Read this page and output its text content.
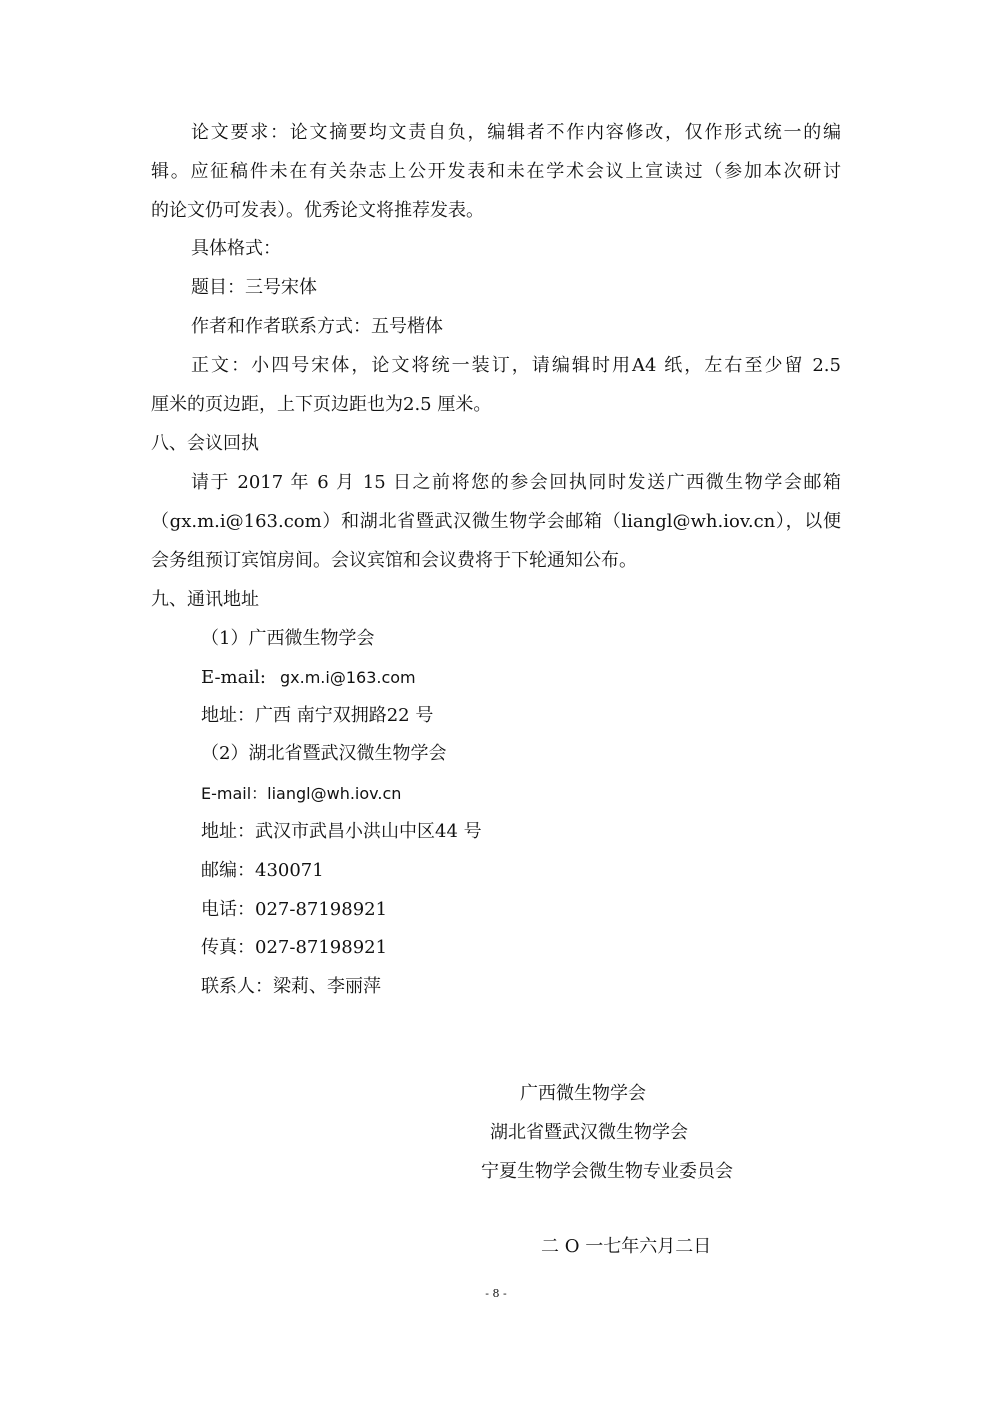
论文要求：论文摘要均文责自负，编辑者不作内容修改，仅作形式统一的编
辑。应征稿件未在有关杂志上公开发表和未在学术会议上宣读过（参加本次研讨
的论文仍可发表）。优秀论文将推荐发表。
具体格式：
题目：三号宋体
作者和作者联系方式：五号楷体
正文：小四号宋体，论文将统一装订，请编辑时用A4 纸，左右至少留 2.5
厘米的页边距，上下页边距也为2.5 厘米。
八、会议回执
请于 2017 年 6 月 15 日之前将您的参会回执同时发送广西微生物学会邮箱
（gx.m.i@163.com）和湖北省暨武汉微生物学会邮箱（liangl@wh.iov.cn），以便
会务组预订宾馆房间。会议宾馆和会议费将于下轮通知公布。
九、通讯地址
（1）广西微生物学会
E-mail: gx.m.i@163.com
地址：广西 南宁双拥路22 号
（2）湖北省暨武汉微生物学会
E-mail：liangl@wh.iov.cn
地址：武汉市武昌小洪山中区44 号
邮编：430071
电话：027-87198921
传真：027-87198921
联系人：梁莉、李丽萍
广西微生物学会
湖北省暨武汉微生物学会
宁夏生物学会微生物专业委员会
二 O 一七年六月二日
- 8 -
